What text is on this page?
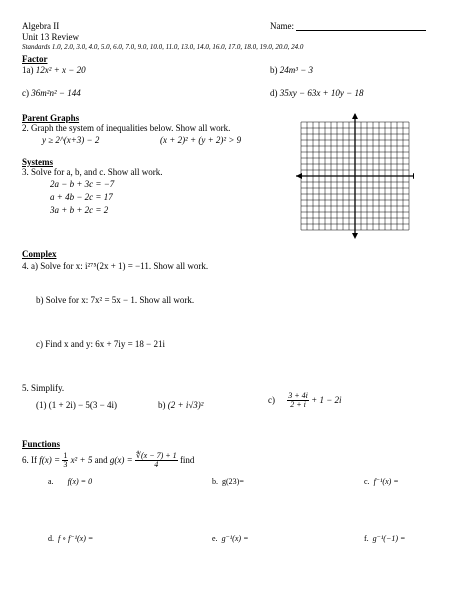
Algebra II
Unit 13 Review
Standards 1.0, 2.0, 3.0, 4.0, 5.0, 6.0, 7.0, 9.0, 10.0, 11.0, 13.0, 14.0, 16.0, 17.0, 18.0, 19.0, 20.0, 24.0
Name:
Factor
1a) 12x² + x − 20	b) 24m³ − 3
c) 36m²n² − 144	d) 35xy − 63x + 10y − 18
Parent Graphs
2. Graph the system of inequalities below. Show all work.
y ≥ 2^(x+3) − 2	(x + 2)² + (y + 2)² > 9
Systems
3. Solve for a, b, and c. Show all work.
2a − b + 3c = −7
a + 4b − 2c = 17
3a + b + 2c = 2
Complex
4. a) Solve for x: i²⁷⁵(2x + 1) = −11. Show all work.
b) Solve for x: 7x² = 5x − 1. Show all work.
c) Find x and y: 6x + 7iy = 18 − 21i
5. Simplify.
(1) (1 + 2i) − 5(3 − 4i)	b) (2 + i√3)²	$c) \frac{3 + 4i}{2 + i} + 1 - 2i$
Functions
6. If $f(x) = \frac{1}{3} x^2 + 5$ and $g(x) = \frac{∜(x - 7) + 1}{4}$ find
a. f(x) = 0	b. g(23)=	c. f⁻¹(x) =
d. f ∘ f⁻¹(x) =	e. g⁻¹(x) =	f. g⁻¹(−1) =
